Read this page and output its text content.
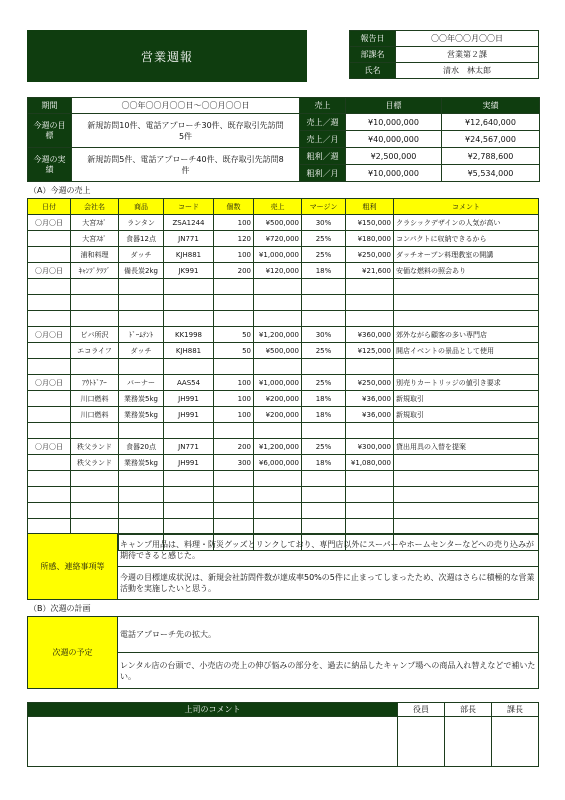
営業週報
報告日	〇〇年〇〇月〇〇日
部課名	営業第２課
氏名	清水　林太郎
期間	〇〇年〇〇月〇〇日～〇〇月〇〇日	売上	目標	実績
今週の目標	新規訪問10件、電話アプローチ30件、既存取引先訪問5件	売上／週	¥10,000,000	¥12,640,000
		売上／月	¥40,000,000	¥24,567,000
今週の実績	新規訪問5件、電話アプローチ40件、既存取引先訪問8件	粗利／週	¥2,500,000	¥2,788,600
		粗利／月	¥10,000,000	¥5,534,000
（A）今週の売上
日付	会社名	商品	コード	個数	売上	マージン	粗利	コメント
〇月〇日	大宮ｽﾎﾟ	ランタン	ZSA1244	100	¥500,000	30%	¥150,000	クラシックデザインの人気が高い
	大宮ｽﾎﾟ	食器12点	JN771	120	¥720,000	25%	¥180,000	コンパクトに収納できるから
	浦和料理	ダッチ	KJH881	100	¥1,000,000	25%	¥250,000	ダッチオーブン料理教室の開講
〇月〇日	ｷｬﾝﾌﾟｸﾗﾌﾞ	備長炭2kg	JK991	200	¥120,000	18%	¥21,600	安価な燃料の照会あり

〇月〇日	ビバ所沢	ﾄﾞｰﾑﾃﾝﾄ	KK1998	50	¥1,200,000	30%	¥360,000	郊外ながら顧客の多い専門店
	エコライフ	ダッチ	KJH881	50	¥500,000	25%	¥125,000	開店イベントの景品として使用

〇月〇日	ｱｳﾄﾄﾞｱｰ	バーナー	AAS54	100	¥1,000,000	25%	¥250,000	別売りカートリッジの値引き要求
	川口燃料	業務炭5kg	JH991	100	¥200,000	18%	¥36,000	新規取引
	川口燃料	業務炭5kg	JH991	100	¥200,000	18%	¥36,000	新規取引

〇月〇日	秩父ランド	食器20点	JN771	200	¥1,200,000	25%	¥300,000	貸出用具の入替を提案
	秩父ランド	業務炭5kg	JH991	300	¥6,000,000	18%	¥1,080,000	

所感、連絡事項等	キャンプ用品は、料理・防災グッズとリンクしており、専門店以外にスーパーやホームセンターなどへの売り込みが期待できると感じた。
今週の目標達成状況は、新規会社訪問件数が達成率50%の5件に止まってしまったため、次週はさらに積極的な営業活動を実施したいと思う。
（B）次週の計画
次週の予定	電話アプローチ先の拡大。
レンタル店の台頭で、小売店の売上の伸び悩みの部分を、過去に納品したキャンプ場への商品入れ替えなどで補いたい。
上司のコメント	役員	部長	課長
